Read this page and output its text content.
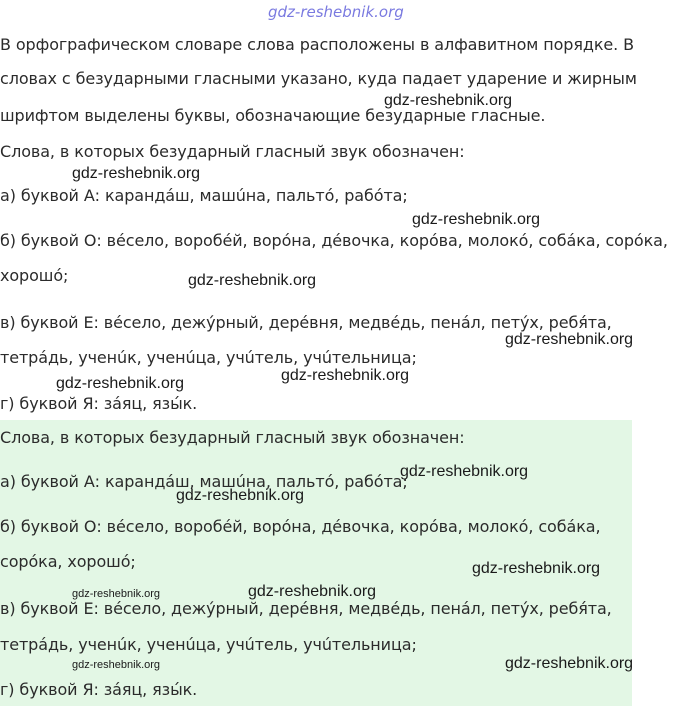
gdz-reshebnik.org
В орфографическом словаре слова расположены в алфавитном порядке. В
словах с безударными гласными указано, куда падает ударение и жирным
шрифтом выделены буквы, обозначающие безударные гласные.
Слова, в которых безударный гласный звук обозначен:
а) буквой А: карандáш, машúна, пальтó, рабóта;
б) буквой О: вéсело, воробéй, ворóна, дéвочка, корóва, молокó, собáка, сорóка,
хорошó;
в) буквой Е: вéсело, дежýрный, дерéвня, медвéдь, пенáл, петýх, ребя́та,
тетрáдь, ученúк, ученúца, учúтель, учúтельница;
г) буквой Я: зáяц, язы́к.
Слова, в которых безударный гласный звук обозначен:
а) буквой А: карандáш, машúна, пальтó, рабóта;
б) буквой О: вéсело, воробéй, ворóна, дéвочка, корóва, молокó, собáка,
сорóка, хорошó;
в) буквой Е: вéсело, дежýрный, дерéвня, медвéдь, пенáл, петýх, ребя́та,
тетрáдь, ученúк, ученúца, учúтель, учúтельница;
г) буквой Я: зáяц, язы́к.
gdz-reshebnik.org
gdz-reshebnik.org
gdz-reshebnik.org
gdz-reshebnik.org
gdz-reshebnik.org
gdz-reshebnik.org
gdz-reshebnik.org
gdz-reshebnik.org
gdz-reshebnik.org
gdz-reshebnik.org
gdz-reshebnik.org	gdz-reshebnik.org
gdz-reshebnik.org	gdz-reshebnik.org
